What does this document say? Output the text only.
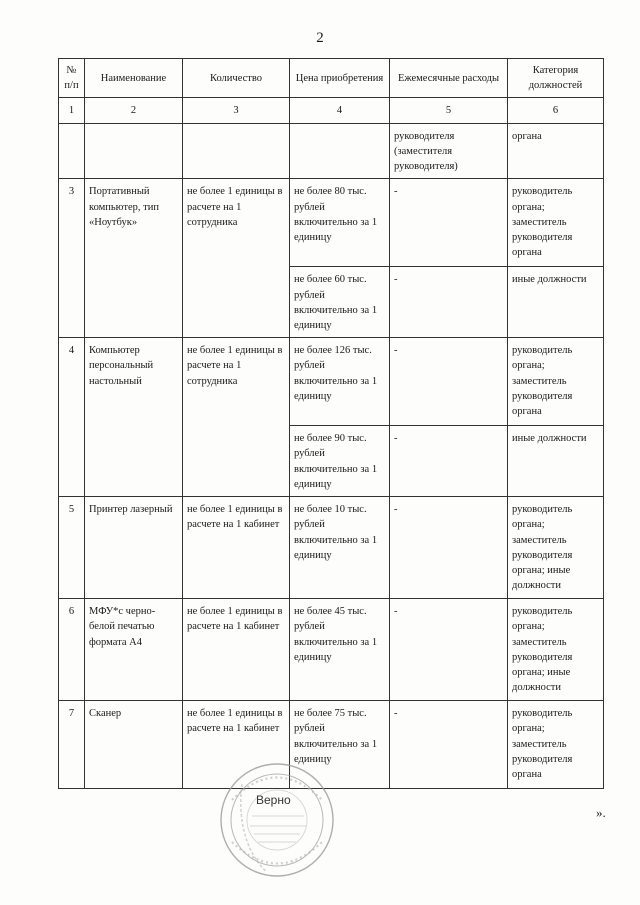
2
№ п/п	Наименование	Количество	Цена приобретения	Ежемесячные расходы	Категория должностей
1	2	3	4	5	6
				руководителя (заместителя руководителя)	органа
3	Портативный компьютер, тип «Ноутбук»	не более 1 единицы в расчете на 1 сотрудника	не более 80 тыс. рублей включительно за 1 единицу	-	руководитель органа; заместитель руководителя органа
			не более 60 тыс. рублей включительно за 1 единицу	-	иные должности
4	Компьютер персональный настольный	не более 1 единицы в расчете на 1 сотрудника	не более 126 тыс. рублей включительно за 1 единицу	-	руководитель органа; заместитель руководителя органа
			не более 90 тыс. рублей включительно за 1 единицу	-	иные должности
5	Принтер лазерный	не более 1 единицы в расчете на 1 кабинет	не более 10 тыс. рублей включительно за 1 единицу	-	руководитель органа; заместитель руководителя органа; иные должности
6	МФУ*с черно-белой печатью формата А4	не более 1 единицы в расчете на 1 кабинет	не более 45 тыс. рублей включительно за 1 единицу	-	руководитель органа; заместитель руководителя органа; иные должности
7	Сканер	не более 1 единицы в расчете на 1 кабинет	не более 75 тыс. рублей включительно за 1 единицу	-	руководитель органа; заместитель руководителя органа
Верно
».
